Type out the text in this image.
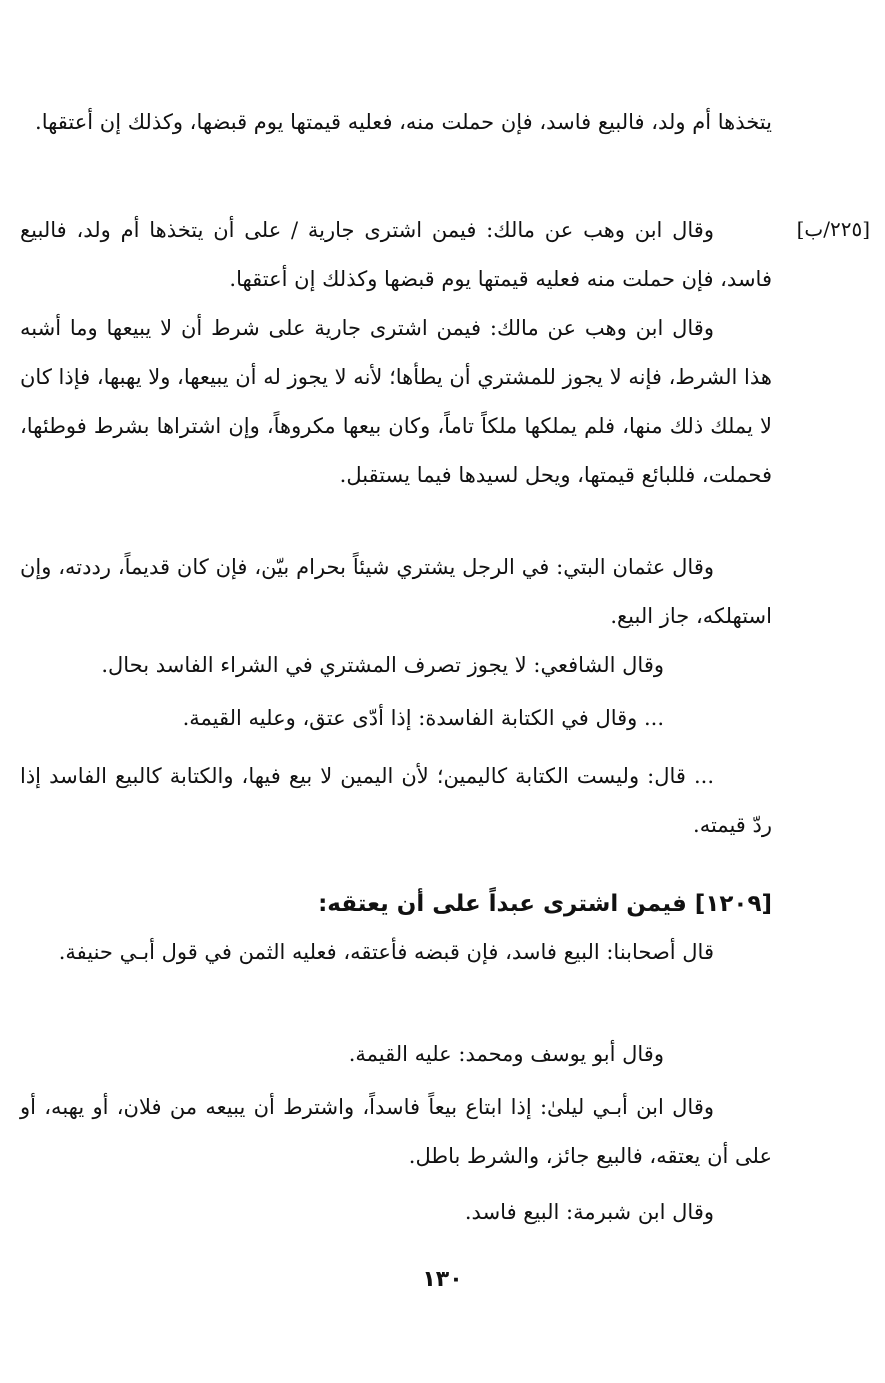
يتخذها أم ولد، فالبيع فاسد، فإن حملت منه، فعليه قيمتها يوم قبضها، وكذلك إن أعتقها.

[٢٢٥/ب]

وقال ابن وهب عن مالك: فيمن اشترى جارية / على أن يتخذها أم ولد، فالبيع فاسد، فإن حملت منه فعليه قيمتها يوم قبضها وكذلك إن أعتقها.

وقال ابن وهب عن مالك: فيمن اشترى جارية على شرط أن لا يبيعها وما أشبه هذا الشرط، فإنه لا يجوز للمشتري أن يطأها؛ لأنه لا يجوز له أن يبيعها، ولا يهبها، فإذا كان لا يملك ذلك منها، فلم يملكها ملكاً تاماً، وكان بيعها مكروهاً، وإن اشتراها بشرط فوطئها، فحملت، فللبائع قيمتها، ويحل لسيدها فيما يستقبل.

وقال عثمان البتي: في الرجل يشتري شيئاً بحرام بيّن، فإن كان قديماً، رددته، وإن استهلكه، جاز البيع.

وقال الشافعي: لا يجوز تصرف المشتري في الشراء الفاسد بحال.

... وقال في الكتابة الفاسدة: إذا أدّى عتق، وعليه القيمة.

... قال: وليست الكتابة كاليمين؛ لأن اليمين لا بيع فيها، والكتابة كالبيع الفاسد إذا ردّ قيمته.

[١٢٠٩] فيمن اشترى عبداً على أن يعتقه:

قال أصحابنا: البيع فاسد، فإن قبضه فأعتقه، فعليه الثمن في قول أبـي حنيفة.

وقال أبو يوسف ومحمد: عليه القيمة.

وقال ابن أبـي ليلىٰ: إذا ابتاع بيعاً فاسداً، واشترط أن يبيعه من فلان، أو يهبه، أو على أن يعتقه، فالبيع جائز، والشرط باطل.

وقال ابن شبرمة: البيع فاسد.

١٣٠
